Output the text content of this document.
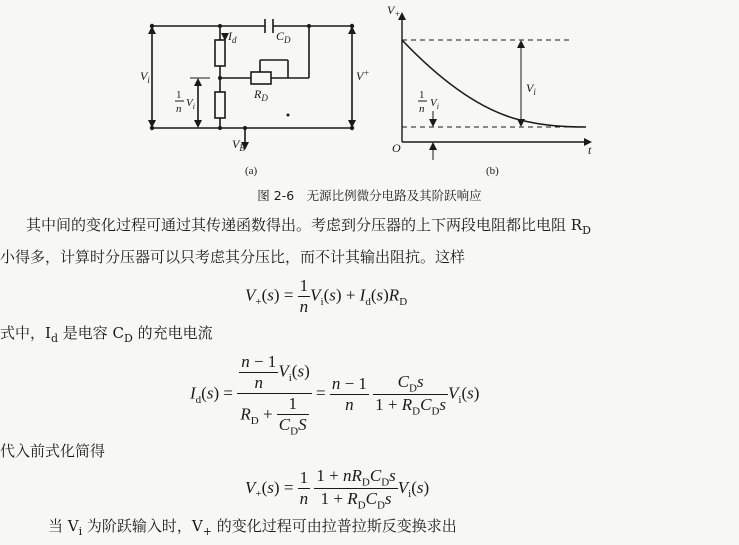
$I_d$	$C_D$
$R_D$
$V_i$	V+
$V_B$
1
n $V_i$
(a)
$V_+$
t
O
$V_i$
1
n $V_i$
(b)
图 2-6　无源比例微分电路及其阶跃响应
其中间的变化过程可通过其传递函数得出。考虑到分压器的上下两段电阻都比电阻 $R_D$
小得多，计算时分压器可以只考虑其分压比，而不计其输出阻抗。这样
$V_+(s) = \frac{1}{n} V_i(s) + I_d(s)R_D$
式中，$I_d$ 是电容 $C_D$ 的充电电流
$I_d(s) = \frac{\frac{n - 1}{n} V_i(s)}{R_D + \frac{1}{C_DS}} = \frac{n - 1}{n}$
$\frac{C_Ds}{1 + R_DC_Ds} V_i(s)$
代入前式化简得
$V_+(s) = \frac{1}{n}$
$\frac{1 + nR_DC_Ds}{1 + R_DC_Ds} V_i(s)$
当 $V_i$ 为阶跃输入时，$V_+$ 的变化过程可由拉普拉斯反变换求出
